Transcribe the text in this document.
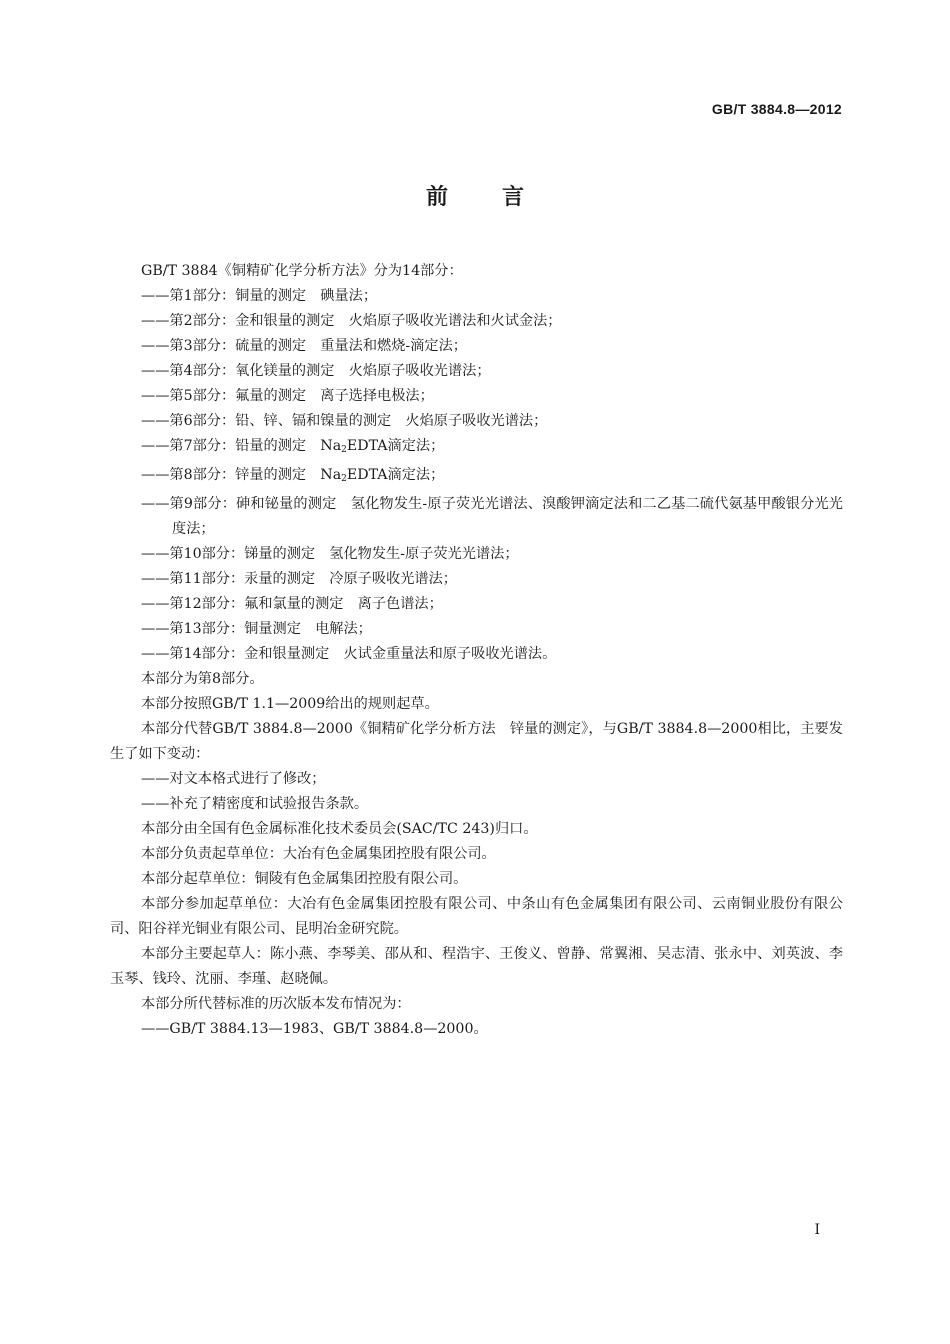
GB/T 3884.8—2012
前言

GB/T 3884《铜精矿化学分析方法》分为14部分：

——第1部分：铜量的测定　碘量法；

——第2部分：金和银量的测定　火焰原子吸收光谱法和火试金法；

——第3部分：硫量的测定　重量法和燃烧-滴定法；

——第4部分：氧化镁量的测定　火焰原子吸收光谱法；

——第5部分：氟量的测定　离子选择电极法；

——第6部分：铅、锌、镉和镍量的测定　火焰原子吸收光谱法；

——第7部分：铅量的测定　$Na_2EDTA$滴定法；

——第8部分：锌量的测定　$Na_2EDTA$滴定法；

——第9部分：砷和铋量的测定　氢化物发生-原子荧光光谱法、溴酸钾滴定法和二乙基二硫代氨基甲酸银分光光度法；

——第10部分：锑量的测定　氢化物发生-原子荧光光谱法；

——第11部分：汞量的测定　冷原子吸收光谱法；

——第12部分：氟和氯量的测定　离子色谱法；

——第13部分：铜量测定　电解法；

——第14部分：金和银量测定　火试金重量法和原子吸收光谱法。

本部分为第8部分。

本部分按照GB/T 1.1—2009给出的规则起草。

本部分代替GB/T 3884.8—2000《铜精矿化学分析方法　锌量的测定》，与GB/T 3884.8—2000相比，主要发生了如下变动：

——对文本格式进行了修改；

——补充了精密度和试验报告条款。

本部分由全国有色金属标准化技术委员会(SAC/TC 243)归口。

本部分负责起草单位：大冶有色金属集团控股有限公司。

本部分起草单位：铜陵有色金属集团控股有限公司。

本部分参加起草单位：大冶有色金属集团控股有限公司、中条山有色金属集团有限公司、云南铜业股份有限公司、阳谷祥光铜业有限公司、昆明冶金研究院。

本部分主要起草人：陈小燕、李琴美、邵从和、程浩宇、王俊义、曾静、常翼湘、吴志清、张永中、刘英波、李玉琴、钱玲、沈丽、李瑾、赵晓佩。

本部分所代替标准的历次版本发布情况为：

——GB/T 3884.13—1983、GB/T 3884.8—2000。

I
